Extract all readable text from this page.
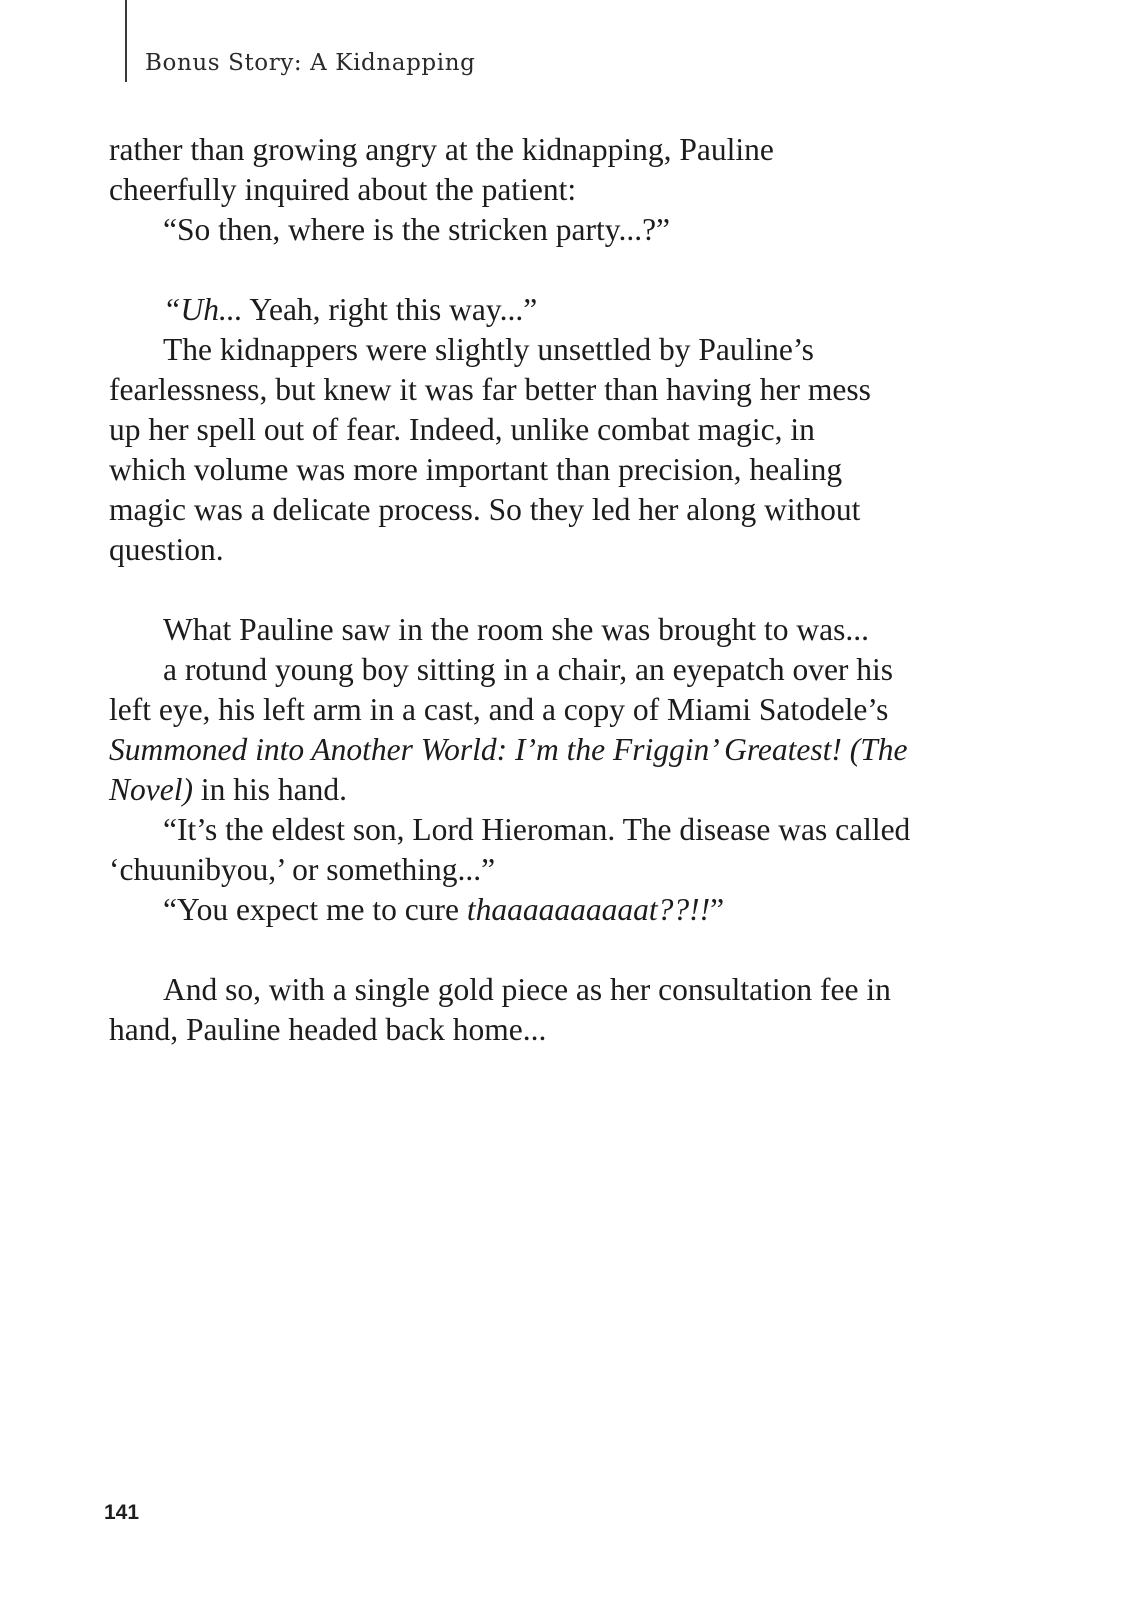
Bonus Story: A Kidnapping
rather than growing angry at the kidnapping, Pauline
cheerfully inquired about the patient:
“So then, where is the stricken party...?”
“Uh... Yeah, right this way...”
The kidnappers were slightly unsettled by Pauline’s
fearlessness, but knew it was far better than having her mess
up her spell out of fear. Indeed, unlike combat magic, in
which volume was more important than precision, healing
magic was a delicate process. So they led her along without
question.
What Pauline saw in the room she was brought to was...
a rotund young boy sitting in a chair, an eyepatch over his
left eye, his left arm in a cast, and a copy of Miami Satodele’s
Summoned into Another World: I’m the Friggin’ Greatest! (The
Novel) in his hand.
“It’s the eldest son, Lord Hieroman. The disease was called
‘chuunibyou,’ or something...”
“You expect me to cure thaaaaaaaaaat??!!”
And so, with a single gold piece as her consultation fee in
hand, Pauline headed back home...
141
